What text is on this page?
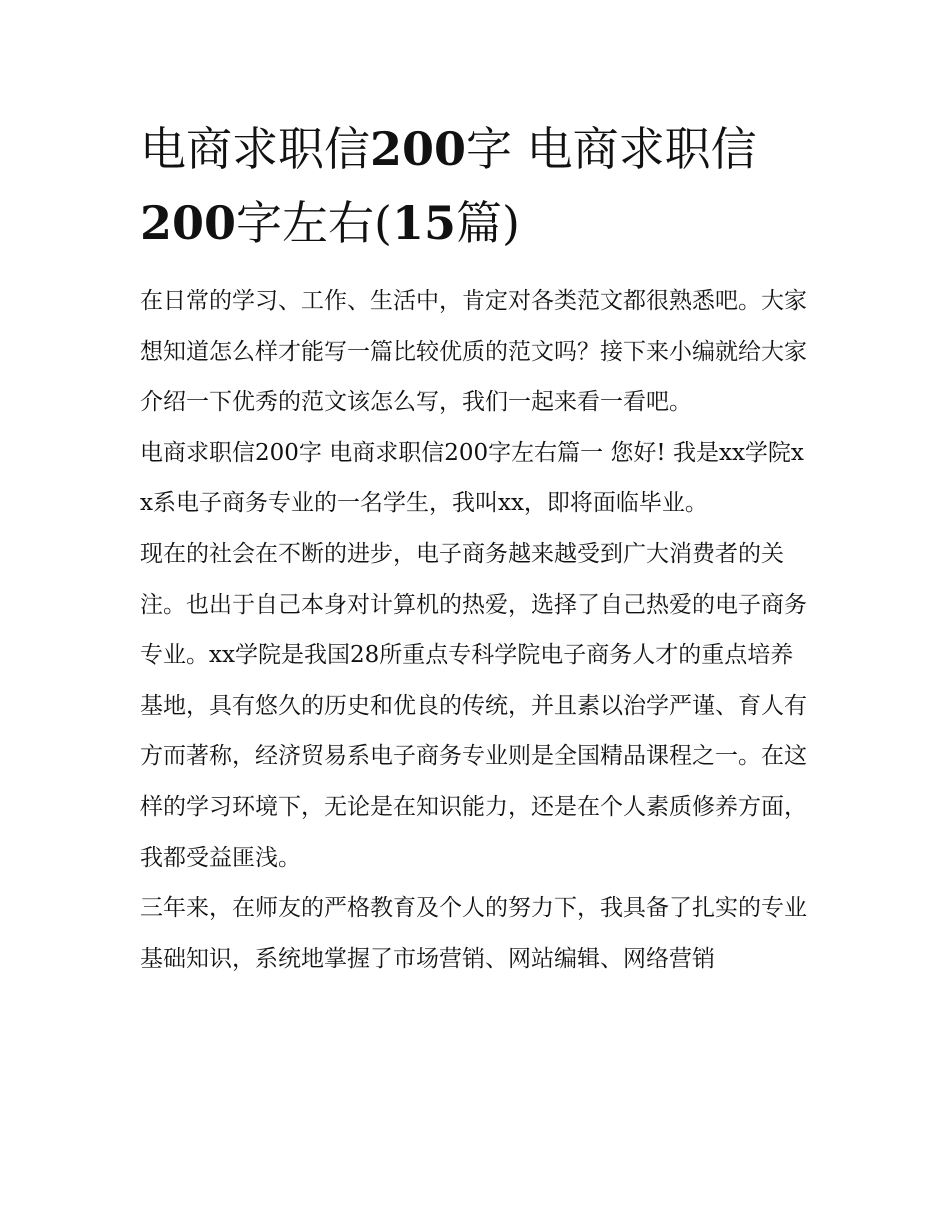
电商求职信200字 电商求职信200字左右(15篇)

在日常的学习、工作、生活中，肯定对各类范文都很熟悉吧。大家想知道怎么样才能写一篇比较优质的范文吗？接下来小编就给大家介绍一下优秀的范文该怎么写，我们一起来看一看吧。

电商求职信200字 电商求职信200字左右篇一 您好! 我是xx学院xx系电子商务专业的一名学生，我叫xx，即将面临毕业。

现在的社会在不断的进步，电子商务越来越受到广大消费者的关注。也出于自己本身对计算机的热爱，选择了自己热爱的电子商务专业。xx学院是我国28所重点专科学院电子商务人才的重点培养基地，具有悠久的历史和优良的传统，并且素以治学严谨、育人有方而著称，经济贸易系电子商务专业则是全国精品课程之一。在这样的学习环境下，无论是在知识能力，还是在个人素质修养方面，我都受益匪浅。

三年来，在师友的严格教育及个人的努力下，我具备了扎实的专业基础知识，系统地掌握了市场营销、网站编辑、网络营销
